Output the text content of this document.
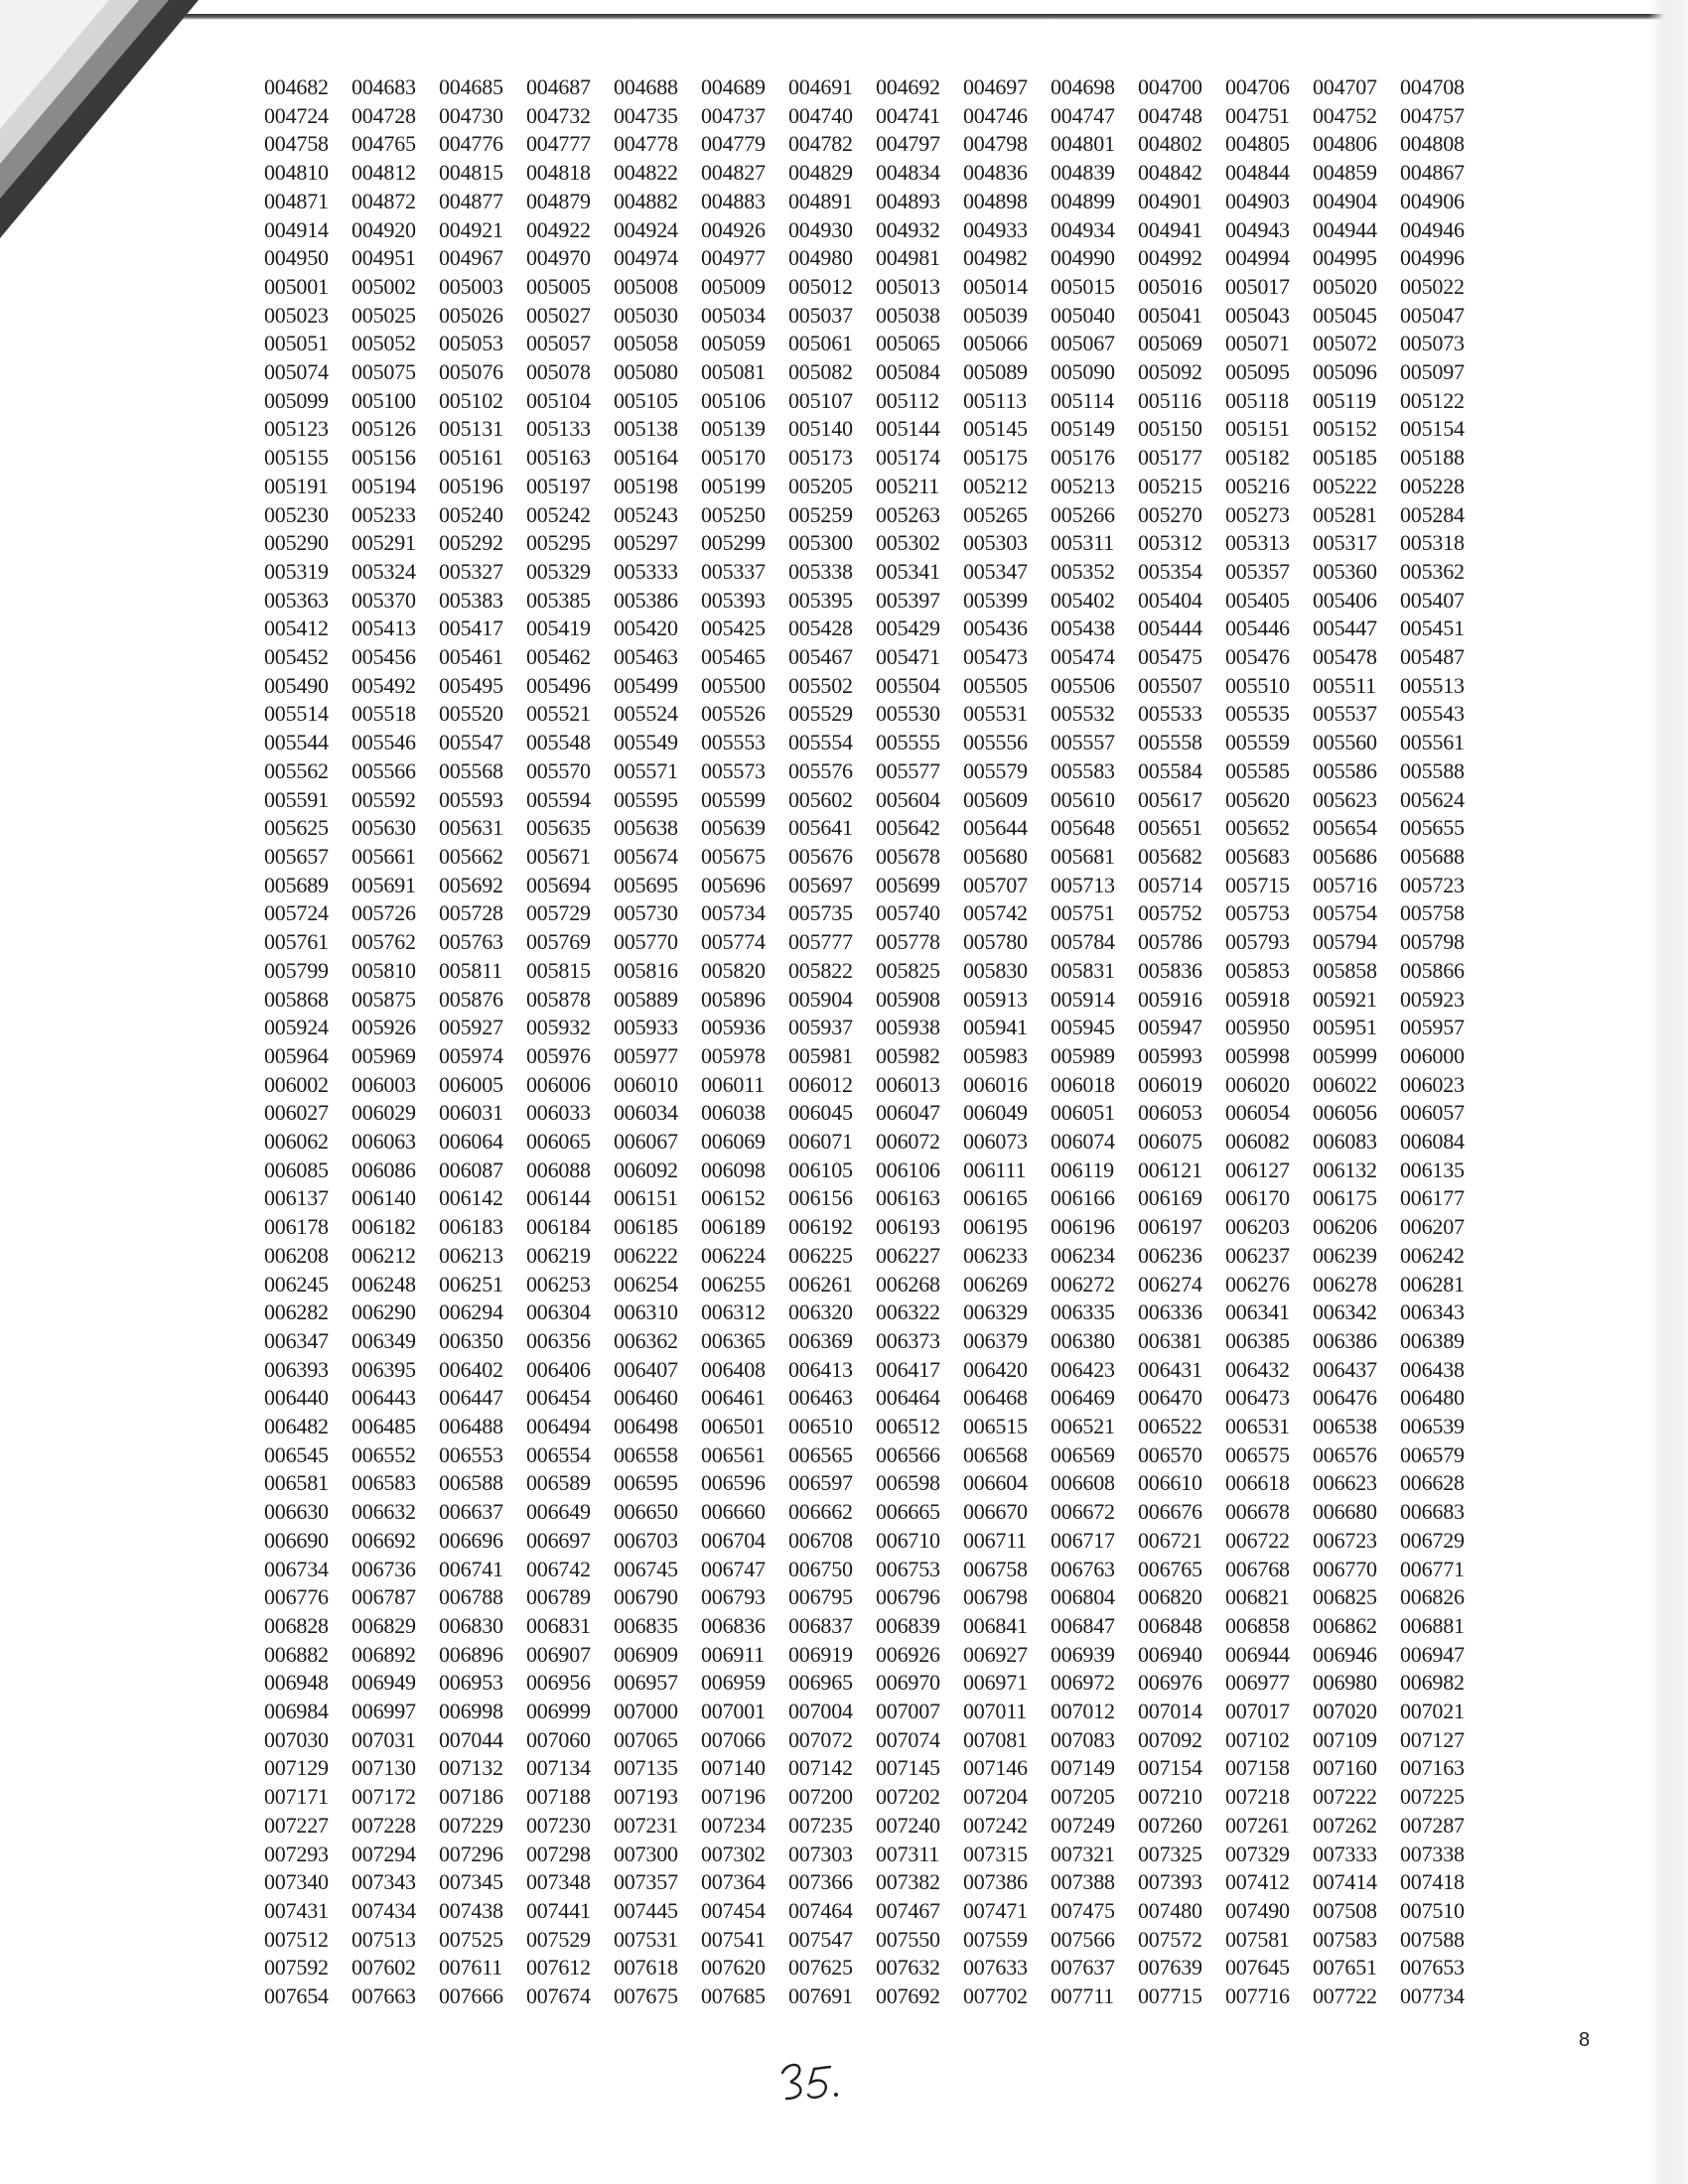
004682	004683	004685	004687	004688	004689	004691	004692	004697	004698	004700	004706	004707	004708
004724	004728	004730	004732	004735	004737	004740	004741	004746	004747	004748	004751	004752	004757
004758	004765	004776	004777	004778	004779	004782	004797	004798	004801	004802	004805	004806	004808
004810	004812	004815	004818	004822	004827	004829	004834	004836	004839	004842	004844	004859	004867
004871	004872	004877	004879	004882	004883	004891	004893	004898	004899	004901	004903	004904	004906
004914	004920	004921	004922	004924	004926	004930	004932	004933	004934	004941	004943	004944	004946
004950	004951	004967	004970	004974	004977	004980	004981	004982	004990	004992	004994	004995	004996
005001	005002	005003	005005	005008	005009	005012	005013	005014	005015	005016	005017	005020	005022
005023	005025	005026	005027	005030	005034	005037	005038	005039	005040	005041	005043	005045	005047
005051	005052	005053	005057	005058	005059	005061	005065	005066	005067	005069	005071	005072	005073
005074	005075	005076	005078	005080	005081	005082	005084	005089	005090	005092	005095	005096	005097
005099	005100	005102	005104	005105	005106	005107	005112	005113	005114	005116	005118	005119	005122
005123	005126	005131	005133	005138	005139	005140	005144	005145	005149	005150	005151	005152	005154
005155	005156	005161	005163	005164	005170	005173	005174	005175	005176	005177	005182	005185	005188
005191	005194	005196	005197	005198	005199	005205	005211	005212	005213	005215	005216	005222	005228
005230	005233	005240	005242	005243	005250	005259	005263	005265	005266	005270	005273	005281	005284
005290	005291	005292	005295	005297	005299	005300	005302	005303	005311	005312	005313	005317	005318
005319	005324	005327	005329	005333	005337	005338	005341	005347	005352	005354	005357	005360	005362
005363	005370	005383	005385	005386	005393	005395	005397	005399	005402	005404	005405	005406	005407
005412	005413	005417	005419	005420	005425	005428	005429	005436	005438	005444	005446	005447	005451
005452	005456	005461	005462	005463	005465	005467	005471	005473	005474	005475	005476	005478	005487
005490	005492	005495	005496	005499	005500	005502	005504	005505	005506	005507	005510	005511	005513
005514	005518	005520	005521	005524	005526	005529	005530	005531	005532	005533	005535	005537	005543
005544	005546	005547	005548	005549	005553	005554	005555	005556	005557	005558	005559	005560	005561
005562	005566	005568	005570	005571	005573	005576	005577	005579	005583	005584	005585	005586	005588
005591	005592	005593	005594	005595	005599	005602	005604	005609	005610	005617	005620	005623	005624
005625	005630	005631	005635	005638	005639	005641	005642	005644	005648	005651	005652	005654	005655
005657	005661	005662	005671	005674	005675	005676	005678	005680	005681	005682	005683	005686	005688
005689	005691	005692	005694	005695	005696	005697	005699	005707	005713	005714	005715	005716	005723
005724	005726	005728	005729	005730	005734	005735	005740	005742	005751	005752	005753	005754	005758
005761	005762	005763	005769	005770	005774	005777	005778	005780	005784	005786	005793	005794	005798
005799	005810	005811	005815	005816	005820	005822	005825	005830	005831	005836	005853	005858	005866
005868	005875	005876	005878	005889	005896	005904	005908	005913	005914	005916	005918	005921	005923
005924	005926	005927	005932	005933	005936	005937	005938	005941	005945	005947	005950	005951	005957
005964	005969	005974	005976	005977	005978	005981	005982	005983	005989	005993	005998	005999	006000
006002	006003	006005	006006	006010	006011	006012	006013	006016	006018	006019	006020	006022	006023
006027	006029	006031	006033	006034	006038	006045	006047	006049	006051	006053	006054	006056	006057
006062	006063	006064	006065	006067	006069	006071	006072	006073	006074	006075	006082	006083	006084
006085	006086	006087	006088	006092	006098	006105	006106	006111	006119	006121	006127	006132	006135
006137	006140	006142	006144	006151	006152	006156	006163	006165	006166	006169	006170	006175	006177
006178	006182	006183	006184	006185	006189	006192	006193	006195	006196	006197	006203	006206	006207
006208	006212	006213	006219	006222	006224	006225	006227	006233	006234	006236	006237	006239	006242
006245	006248	006251	006253	006254	006255	006261	006268	006269	006272	006274	006276	006278	006281
006282	006290	006294	006304	006310	006312	006320	006322	006329	006335	006336	006341	006342	006343
006347	006349	006350	006356	006362	006365	006369	006373	006379	006380	006381	006385	006386	006389
006393	006395	006402	006406	006407	006408	006413	006417	006420	006423	006431	006432	006437	006438
006440	006443	006447	006454	006460	006461	006463	006464	006468	006469	006470	006473	006476	006480
006482	006485	006488	006494	006498	006501	006510	006512	006515	006521	006522	006531	006538	006539
006545	006552	006553	006554	006558	006561	006565	006566	006568	006569	006570	006575	006576	006579
006581	006583	006588	006589	006595	006596	006597	006598	006604	006608	006610	006618	006623	006628
006630	006632	006637	006649	006650	006660	006662	006665	006670	006672	006676	006678	006680	006683
006690	006692	006696	006697	006703	006704	006708	006710	006711	006717	006721	006722	006723	006729
006734	006736	006741	006742	006745	006747	006750	006753	006758	006763	006765	006768	006770	006771
006776	006787	006788	006789	006790	006793	006795	006796	006798	006804	006820	006821	006825	006826
006828	006829	006830	006831	006835	006836	006837	006839	006841	006847	006848	006858	006862	006881
006882	006892	006896	006907	006909	006911	006919	006926	006927	006939	006940	006944	006946	006947
006948	006949	006953	006956	006957	006959	006965	006970	006971	006972	006976	006977	006980	006982
006984	006997	006998	006999	007000	007001	007004	007007	007011	007012	007014	007017	007020	007021
007030	007031	007044	007060	007065	007066	007072	007074	007081	007083	007092	007102	007109	007127
007129	007130	007132	007134	007135	007140	007142	007145	007146	007149	007154	007158	007160	007163
007171	007172	007186	007188	007193	007196	007200	007202	007204	007205	007210	007218	007222	007225
007227	007228	007229	007230	007231	007234	007235	007240	007242	007249	007260	007261	007262	007287
007293	007294	007296	007298	007300	007302	007303	007311	007315	007321	007325	007329	007333	007338
007340	007343	007345	007348	007357	007364	007366	007382	007386	007388	007393	007412	007414	007418
007431	007434	007438	007441	007445	007454	007464	007467	007471	007475	007480	007490	007508	007510
007512	007513	007525	007529	007531	007541	007547	007550	007559	007566	007572	007581	007583	007588
007592	007602	007611	007612	007618	007620	007625	007632	007633	007637	007639	007645	007651	007653
007654	007663	007666	007674	007675	007685	007691	007692	007702	007711	007715	007716	007722	007734
8
